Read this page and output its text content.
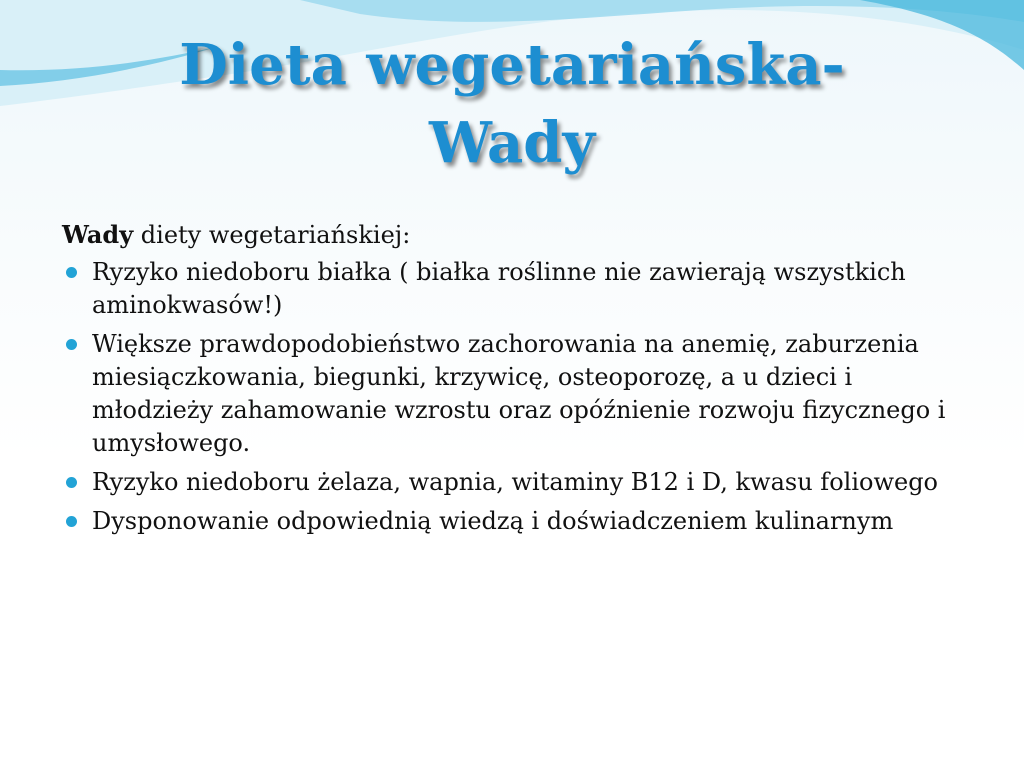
Dieta wegetariańska-
Wady

Wady diety wegetariańskiej:

Ryzyko niedoboru białka ( białka roślinne nie zawierają wszystkich aminokwasów!)
Większe prawdopodobieństwo zachorowania na anemię, zaburzenia miesiączkowania, biegunki, krzywicę, osteoporozę, a u dzieci i młodzieży zahamowanie wzrostu oraz opóźnienie rozwoju fizycznego i umysłowego.
Ryzyko niedoboru żelaza, wapnia, witaminy B12 i D, kwasu foliowego
Dysponowanie odpowiednią wiedzą i doświadczeniem kulinarnym
